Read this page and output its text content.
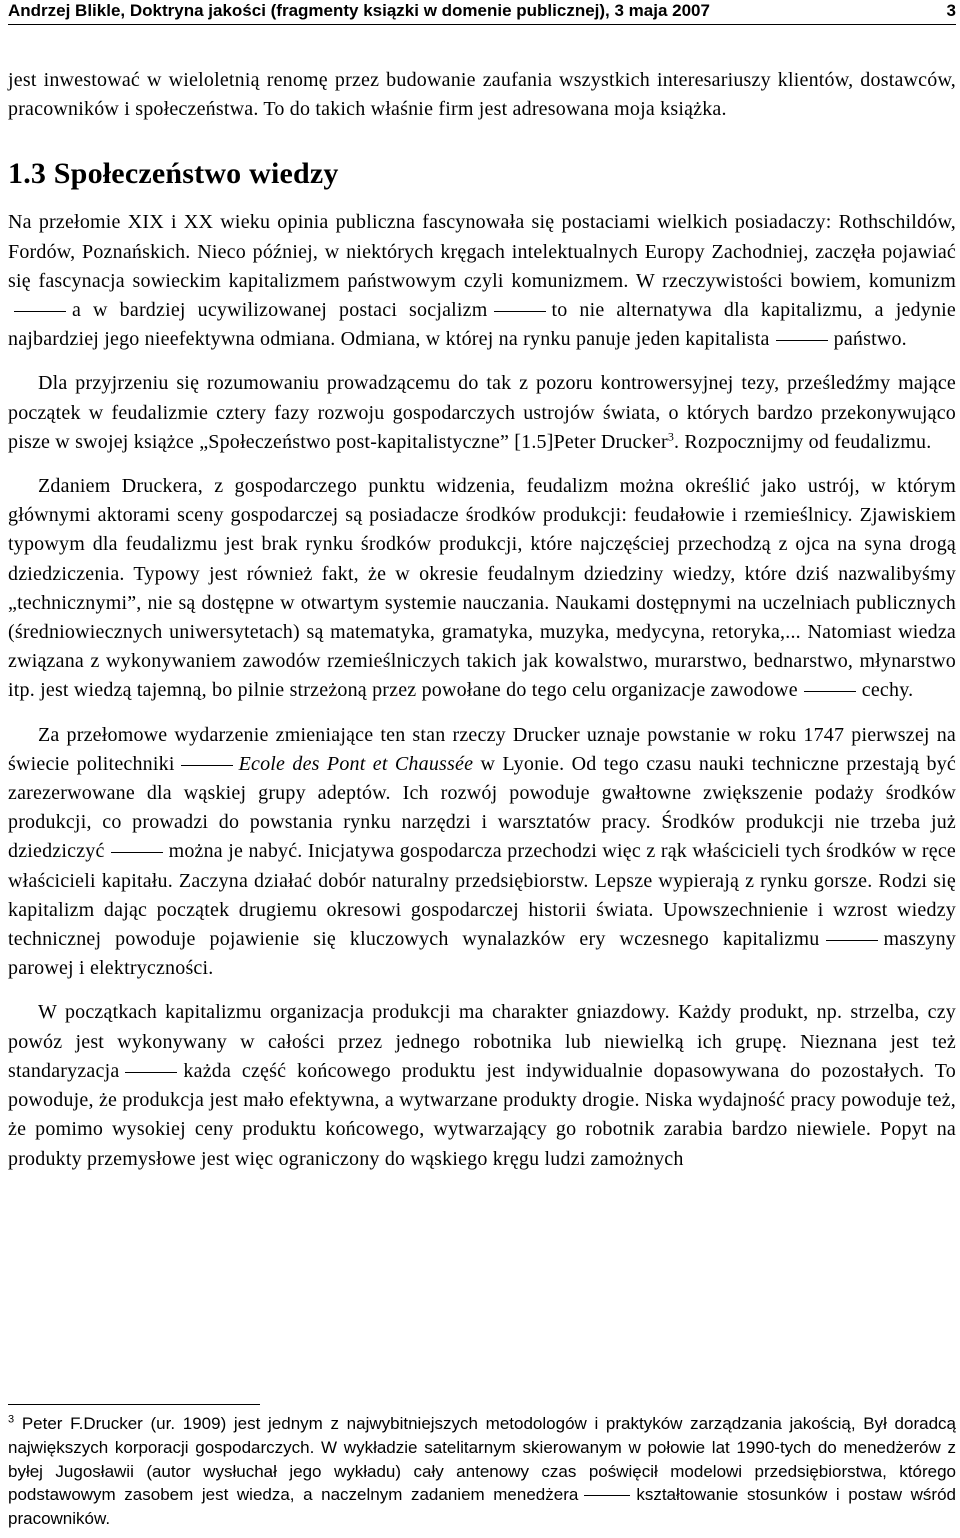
Andrzej Blikle, Doktryna jakości (fragmenty ksiązki w domenie publicznej), 3 maja 2007	3

jest inwestować w wieloletnią renomę przez budowanie zaufania wszystkich interesariuszy klientów, dostawców, pracowników i społeczeństwa. To do takich właśnie firm jest adresowana moja książka.

1.3 Społeczeństwo wiedzy

Na przełomie XIX i XX wieku opinia publiczna fascynowała się postaciami wielkich posiadaczy: Rothschildów, Fordów, Poznańskich. Nieco później, w niektórych kręgach intelektualnych Europy Zachodniej, zaczęła pojawiać się fascynacja sowieckim kapitalizmem państwowym czyli komunizmem. W rzeczywistości bowiem, komunizma w bardziej ucywilizowanej postaci socjalizm	to nie alternatywa dla kapitalizmu, a jedynie najbardziej jego nieefektywna odmiana. Odmiana, w której na rynku panuje jeden kapitalista	państwo.

Dla przyjrzeniu się rozumowaniu prowadzącemu do tak z pozoru kontrowersyjnej tezy, prześledźmy mające początek w feudalizmie cztery fazy rozwoju gospodarczych ustrojów świata, o których bardzo przekonywująco pisze w swojej książce „Społeczeństwo post-kapitalistyczne” [1.5]Peter Drucker$^3$. Rozpocznijmy od feudalizmu.

Zdaniem Druckera, z gospodarczego punktu widzenia, feudalizm można określić jako ustrój, w którym głównymi aktorami sceny gospodarczej są posiadacze środków produkcji: feudałowie i rzemieślnicy. Zjawiskiem typowym dla feudalizmu jest brak rynku środków produkcji, które najczęściej przechodzą z ojca na syna drogą dziedziczenia. Typowy jest również fakt, że w okresie feudalnym dziedziny wiedzy, które dziś nazwalibyśmy „technicznymi”, nie są dostępne w otwartym systemie nauczania. Naukami dostępnymi na uczelniach publicznych (średniowiecznych uniwersytetach) są matematyka, gramatyka, muzyka, medycyna, retoryka,... Natomiast wiedza związana z wykonywaniem zawodów rzemieślniczych takich jak kowalstwo, murarstwo, bednarstwo, młynarstwo itp. jest wiedzą tajemną, bo pilnie strzeżoną przez powołane do tego celu organizacje zawodowe	cechy.

Za przełomowe wydarzenie zmieniające ten stan rzeczy Drucker uznaje powstanie w roku 1747 pierwszej na świecie politechniki	Ecole des Pont et Chaussée w Lyonie. Od tego czasu nauki techniczne przestają być zarezerwowane dla wąskiej grupy adeptów. Ich rozwój powoduje gwałtowne zwiększenie podaży środków produkcji, co prowadzi do powstania rynku narzędzi i warsztatów pracy. Środków produkcji nie trzeba już dziedziczyć	można je nabyć. Inicjatywa gospodarcza przechodzi więc z rąk właścicieli tych środków w ręce właścicieli kapitału. Zaczyna działać dobór naturalny przedsiębiorstw. Lepsze wypierają z rynku gorsze. Rodzi się kapitalizm dając początek drugiemu okresowi gospodarczej historii świata. Upowszechnienie i wzrost wiedzy technicznej powoduje pojawienie się kluczowych wynalazków ery wczesnego kapitalizmu	maszyny parowej i elektryczności.

W początkach kapitalizmu organizacja produkcji ma charakter gniazdowy. Każdy produkt, np. strzelba, czy powóz jest wykonywany w całości przez jednego robotnika lub niewielką ich grupę. Nieznana jest też standaryzacja	każda część końcowego produktu jest indywidualnie dopasowywana do pozostałych. To powoduje, że produkcja jest mało efektywna, a wytwarzane produkty drogie. Niska wydajność pracy powoduje też, że pomimo wysokiej ceny produktu końcowego, wytwarzający go robotnik zarabia bardzo niewiele. Popyt na produkty przemysłowe jest więc ograniczony do wąskiego kręgu ludzi zamożnych

$^3$ Peter F.Drucker (ur. 1909) jest jednym z najwybitniejszych metodologów i praktyków zarządzania jakością, Był doradcą największych korporacji gospodarczych. W wykładzie satelitarnym skierowanym w połowie lat 1990-tych do menedżerów z byłej Jugosławii (autor wysłuchał jego wykładu) cały antenowy czas poświęcił modelowi przedsiębiorstwa, którego podstawowym zasobem jest wiedza, a naczelnym zadaniem menedżera	kształtowanie stosunków i postaw wśród pracowników.
